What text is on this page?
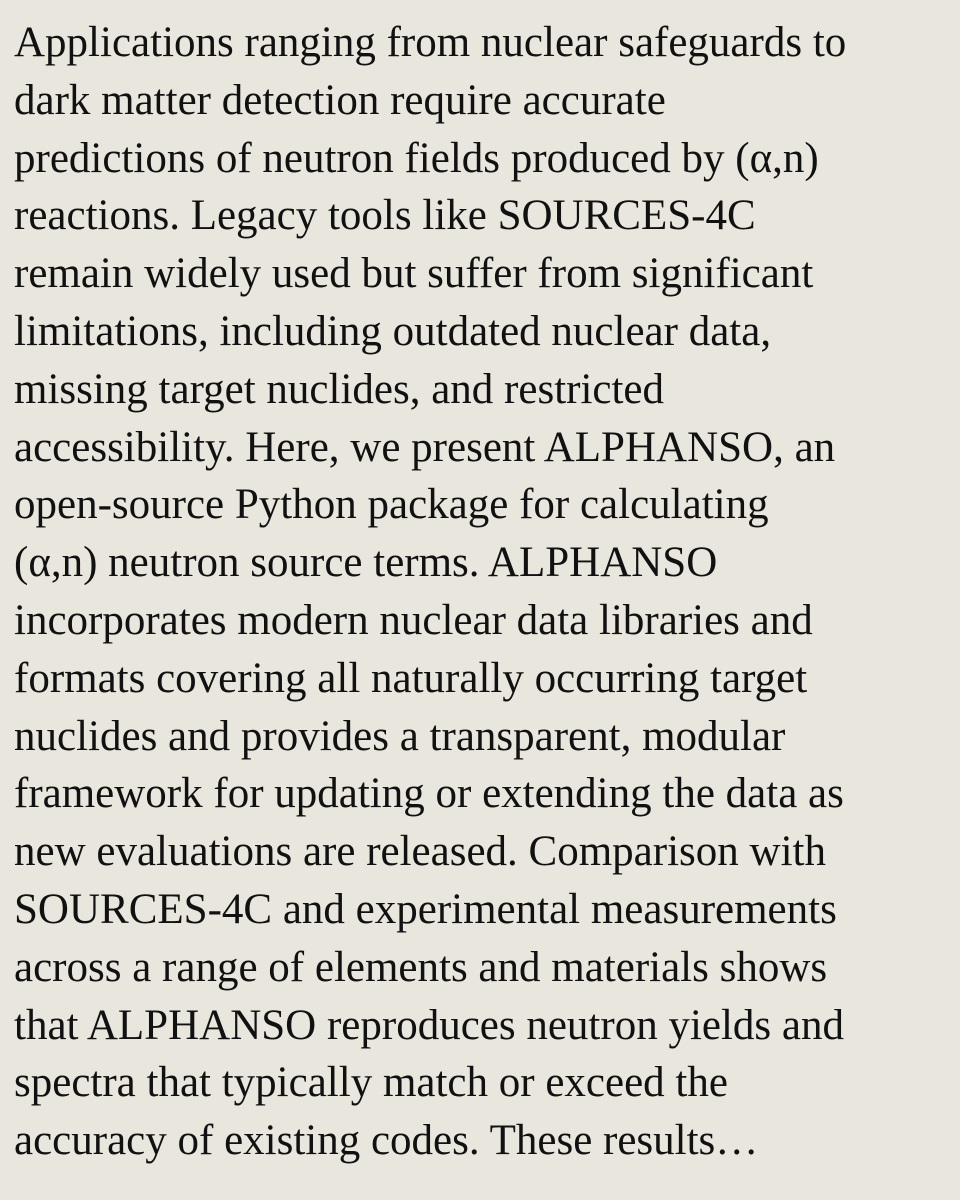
Applications ranging from nuclear safeguards to
dark matter detection require accurate
predictions of neutron fields produced by (α,n)
reactions. Legacy tools like SOURCES-4C
remain widely used but suffer from significant
limitations, including outdated nuclear data,
missing target nuclides, and restricted
accessibility. Here, we present ALPHANSO, an
open-source Python package for calculating
(α,n) neutron source terms. ALPHANSO
incorporates modern nuclear data libraries and
formats covering all naturally occurring target
nuclides and provides a transparent, modular
framework for updating or extending the data as
new evaluations are released. Comparison with
SOURCES-4C and experimental measurements
across a range of elements and materials shows
that ALPHANSO reproduces neutron yields and
spectra that typically match or exceed the
accuracy of existing codes. These results…
